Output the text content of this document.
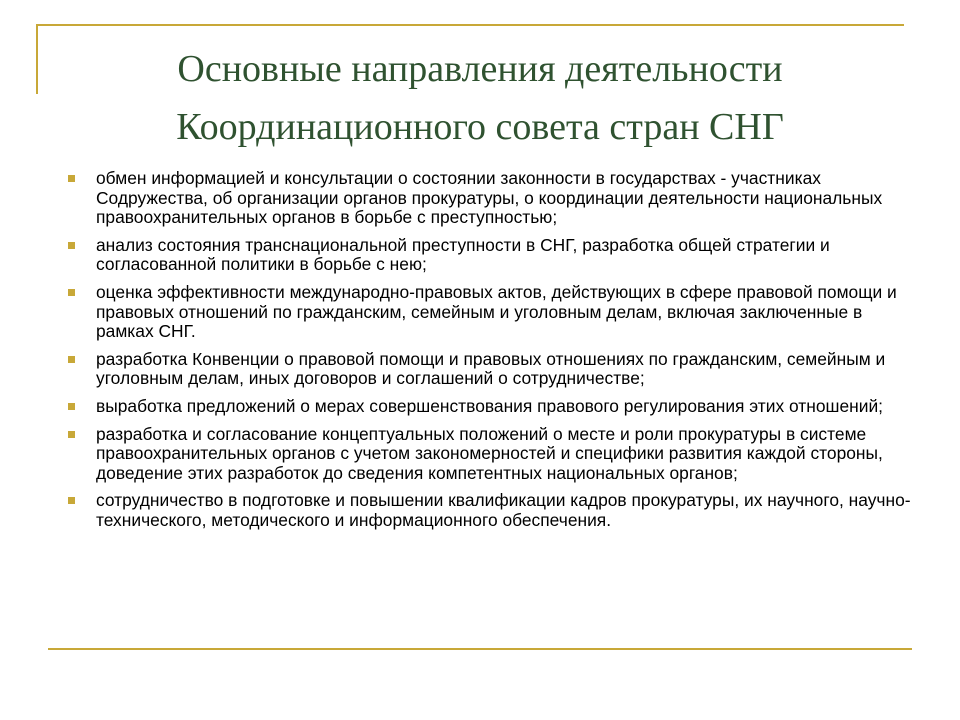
Основные направления деятельности
Координационного совета стран СНГ
обмен информацией и консультации о состоянии законности в государствах - участниках Содружества, об организации органов прокуратуры, о координации деятельности национальных правоохранительных органов в борьбе с преступностью;
анализ состояния транснациональной преступности в СНГ, разработка общей стратегии и согласованной политики в борьбе с нею;
оценка эффективности международно-правовых актов, действующих в сфере правовой помощи и правовых отношений по гражданским, семейным и уголовным делам, включая заключенные в рамках СНГ.
разработка Конвенции о правовой помощи и правовых отношениях по гражданским, семейным и уголовным делам, иных договоров и соглашений о сотрудничестве;
выработка предложений о мерах совершенствования правового регулирования этих отношений;
разработка и согласование концептуальных положений о месте и роли прокуратуры в системе правоохранительных органов с учетом закономерностей и специфики развития каждой стороны, доведение этих разработок до сведения компетентных национальных органов;
сотрудничество в подготовке и повышении квалификации кадров прокуратуры, их научного, научно-технического, методического и информационного обеспечения.
